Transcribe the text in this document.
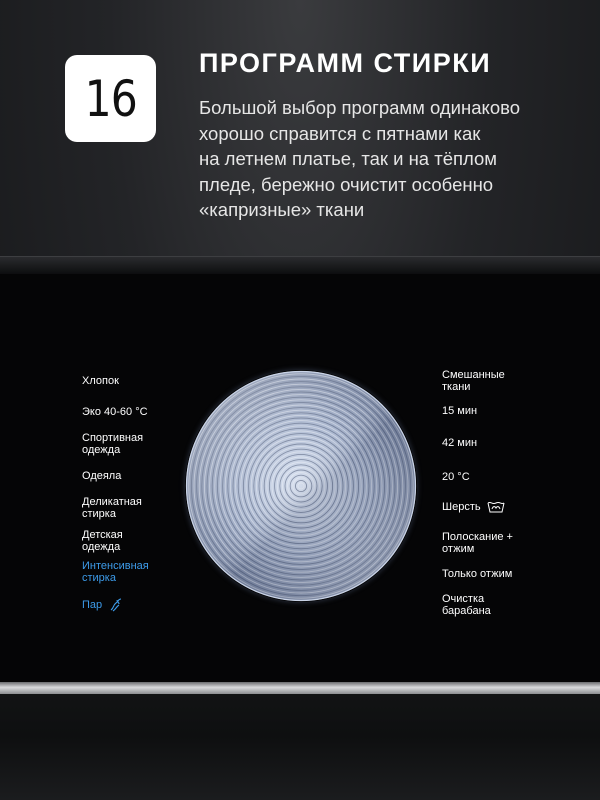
16
ПРОГРАММ СТИРКИ

Большой выбор программ одинаково
хорошо справится с пятнами как
на летнем платье, так и на тёплом
пледе, бережно очистит особенно
«капризные» ткани

Хлопок
Эко 40-60 °C
Спортивная
одежда
Одеяла
Деликатная
стирка
Детская
одежда
Интенсивная
стирка
Пар
Смешанные
ткани
15 мин
42 мин
20 °C
Шерсть
Полоскание +
отжим
Только отжим
Очистка
барабана
